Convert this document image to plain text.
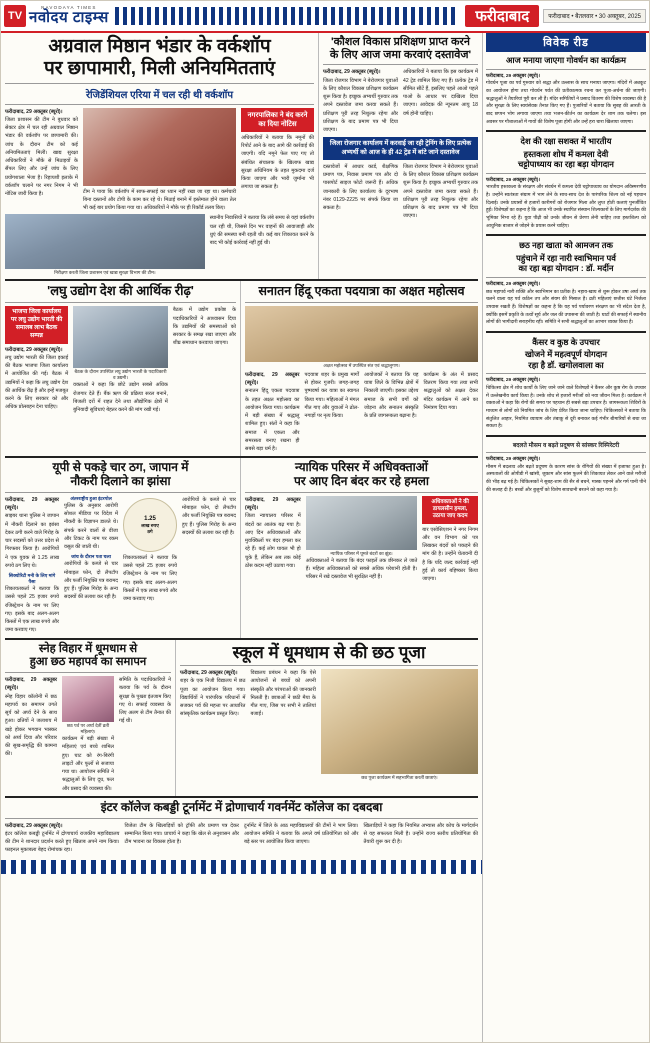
TV
NAVODAYA TIMES
नवोदय टाइम्स	फरीदाबाद	फरीदाबाद • बैतलवार • 30 अक्तूबर, 2025
अग्रवाल मिष्ठान भंडार के वर्कशॉप
पर छापामारी, मिली अनियमितताएं
रेजिडेंशियल एरिया में चल रही थी वर्कशॉप
फरीदाबाद, 29 अक्तूबर (ब्यूरो)।
जिला प्रशासन की टीम ने बुधवार को सेक्टर क्षेत्र में चल रही अग्रवाल मिष्ठान भंडार की वर्कशॉप पर छापामारी की। जांच के दौरान टीम को कई अनियमितताएं मिलीं। खाद्य सुरक्षा अधिकारियों ने मौके से मिठाइयों के सैंपल लिए और उन्हें जांच के लिए प्रयोगशाला भेजा है। रिहायशी इलाके में वर्कशॉप चलाने पर नगर निगम ने भी नोटिस जारी किया है।	टीम ने पाया कि वर्कशॉप में साफ-सफाई का ध्यान नहीं रखा जा रहा था। कर्मचारी बिना दस्तानों और टोपी के काम कर रहे थे। मिठाई बनाने में इस्तेमाल होने वाला तेल भी कई बार प्रयोग किया गया था। अधिकारियों ने मौके पर ही रिकॉर्ड तलब किए।
नगरपालिका ने बंद करने का दिया नोटिस
अधिकारियों ने बताया कि नमूनों की रिपोर्ट आने के बाद आगे की कार्रवाई की जाएगी। यदि नमूने फेल पाए गए तो संबंधित संचालक के खिलाफ खाद्य सुरक्षा अधिनियम के तहत मुकदमा दर्ज किया जाएगा और भारी जुर्माना भी लगाया जा सकता है।
निरीक्षण करती जिला प्रशासन एवं खाद्य सुरक्षा विभाग की टीम।
स्थानीय निवासियों ने बताया कि लंबे समय से यहां वर्कशॉप चल रही थी, जिससे दिन भर वाहनों की आवाजाही और धुएं की समस्या बनी रहती थी। कई बार शिकायत करने के बाद भी कोई कार्रवाई नहीं हुई थी।
'कौशल विकास प्रशिक्षण प्राप्त करने
के लिए आज जमा करवाएं दस्तावेज'
फरीदाबाद, 29 अक्तूबर (ब्यूरो)।
जिला रोजगार विभाग ने बेरोजगार युवाओं के लिए कौशल विकास प्रशिक्षण कार्यक्रम शुरू किया है। इच्छुक अभ्यर्थी गुरुवार तक अपने दस्तावेज जमा करवा सकते हैं। प्रशिक्षण पूरी तरह निशुल्क रहेगा और प्रशिक्षण के बाद प्रमाण पत्र भी दिया जाएगा।
अधिकारियों ने बताया कि इस कार्यक्रम में 42 ट्रेड शामिल किए गए हैं। प्रत्येक ट्रेड में सीमित सीटें हैं, इसलिए पहले आओ पहले पाओ के आधार पर दाखिला दिया जाएगा। आवेदक की न्यूनतम आयु 18 वर्ष होनी चाहिए।
जिला रोजगार कार्यालय में करवाई जा रही ट्रेनिंग के लिए प्रत्येक अभ्यर्थी को आज के ही 42 ट्रेड में बांटे जाने दस्तावेज
दस्तावेजों में आधार कार्ड, शैक्षणिक प्रमाण पत्र, निवास प्रमाण पत्र और दो पासपोर्ट साइज फोटो जरूरी हैं। अधिक जानकारी के लिए कार्यालय के दूरभाष नंबर 0129-2225 पर संपर्क किया जा सकता है।
जिला रोजगार विभाग ने बेरोजगार युवाओं के लिए कौशल विकास प्रशिक्षण कार्यक्रम शुरू किया है। इच्छुक अभ्यर्थी गुरुवार तक अपने दस्तावेज जमा करवा सकते हैं। प्रशिक्षण पूरी तरह निशुल्क रहेगा और प्रशिक्षण के बाद प्रमाण पत्र भी दिया जाएगा।
'लघु उद्योग देश की आर्थिक रीढ़'
भाजपा जिला कार्यालय पर लघु उद्योग भारती की समालब लाभ बैठक सम्पन्न
फरीदाबाद, 29 अक्तूबर (ब्यूरो)।
लघु उद्योग भारती की जिला इकाई की बैठक भाजपा जिला कार्यालय में आयोजित की गई। बैठक में उद्यमियों ने कहा कि लघु उद्योग देश की आर्थिक रीढ़ हैं और इन्हें मजबूत करने के लिए सरकार को और अधिक प्रोत्साहन देना चाहिए।
बैठक के दौरान उपस्थित लघु उद्योग भारती के पदाधिकारी व उद्यमी।
वक्ताओं ने कहा कि छोटे उद्योग सबसे अधिक रोजगार देते हैं। बैंक ऋण की प्रक्रिया सरल बनाने, बिजली दरों में राहत देने तथा औद्योगिक क्षेत्रों में बुनियादी सुविधाएं बेहतर करने की मांग रखी गई।
बैठक में उद्योग प्रकोष्ठ के पदाधिकारियों ने आश्वासन दिया कि उद्यमियों की समस्याओं को सरकार के समक्ष रखा जाएगा और शीघ्र समाधान करवाया जाएगा।
सनातन हिंदू एकता पदयात्रा का अक्षत महोत्सव
अक्षत महोत्सव में उपस्थित संत एवं श्रद्धालुगण।
फरीदाबाद, 29 अक्तूबर (ब्यूरो)।
सनातन हिंदू एकता पदयात्रा के तहत अक्षत महोत्सव का आयोजन किया गया। कार्यक्रम में बड़ी संख्या में श्रद्धालु शामिल हुए। संतों ने कहा कि समाज में एकता और समरसता बनाए रखना ही सबसे बड़ा धर्म है।
पदयात्रा शहर के प्रमुख मार्गों से होकर गुजरी। जगह-जगह पुष्पवर्षा कर यात्रा का स्वागत किया गया। महिलाओं ने मंगल गीत गाए और युवाओं ने ढोल-नगाड़ों पर नृत्य किया।
आयोजकों ने बताया कि यह यात्रा जिले के विभिन्न क्षेत्रों में निकाली जाएगी। इसका उद्देश्य समाज के सभी वर्गों को जोड़ना और सनातन संस्कृति के प्रति जागरूकता बढ़ाना है।
कार्यक्रम के अंत में प्रसाद वितरण किया गया तथा सभी श्रद्धालुओं को अक्षत देकर मंदिर कार्यक्रम में आने का निमंत्रण दिया गया।
यूपी से पकड़े चार ठग, जापान में
नौकरी दिलाने का झांसा
फरीदाबाद, 29 अक्तूबर (ब्यूरो)।
साइबर थाना पुलिस ने जापान में नौकरी दिलाने का झांसा देकर ठगी करने वाले गिरोह के चार सदस्यों को उत्तर प्रदेश से गिरफ्तार किया है। आरोपियों ने एक युवक से 1.25 लाख रुपये ठग लिए थे।
सिक्योरिटी मनी के लिए मांगे पैसा
शिकायतकर्ता ने बताया कि उससे पहले 25 हजार रुपये रजिस्ट्रेशन के नाम पर लिए गए। इसके बाद अलग-अलग किस्तों में एक लाख रुपये और जमा करवाए गए।
अंतरराष्ट्रीय हुआ इंटरपोल
पुलिस के अनुसार आरोपी सोशल मीडिया पर विदेश में नौकरी के विज्ञापन डालते थे। संपर्क करने वालों से वीजा और टिकट के नाम पर रकम वसूल की जाती थी।
जांच के दौरान पता चला
आरोपियों के कब्जे से चार मोबाइल फोन, दो लैपटॉप और फर्जी नियुक्ति पत्र बरामद हुए हैं। पुलिस गिरोह के अन्य सदस्यों की तलाश कर रही है।
1.25
लाख रुपए
ठगे
शिकायतकर्ता ने बताया कि उससे पहले 25 हजार रुपये रजिस्ट्रेशन के नाम पर लिए गए। इसके बाद अलग-अलग किस्तों में एक लाख रुपये और जमा करवाए गए।
आरोपियों के कब्जे से चार मोबाइल फोन, दो लैपटॉप और फर्जी नियुक्ति पत्र बरामद हुए हैं। पुलिस गिरोह के अन्य सदस्यों की तलाश कर रही है।
न्यायिक परिसर में अधिवक्ताओं
पर आए दिन बंदर कर रहे हमला
फरीदाबाद, 29 अक्तूबर (ब्यूरो)।
जिला न्यायालय परिसर में बंदरों का आतंक बढ़ गया है। आए दिन अधिवक्ताओं और मुवक्किलों पर बंदर हमला कर रहे हैं। कई लोग घायल भी हो चुके हैं, लेकिन अब तक कोई ठोस कदम नहीं उठाया गया।
न्यायिक परिसर में घूमते बंदरों का झुंड।
अधिवक्ताओं ने बताया कि बंदर फाइलें तक छीनकर ले जाते हैं। महिला अधिवक्ताओं को सबसे अधिक परेशानी होती है। परिसर में रखे दस्तावेज भी सुरक्षित नहीं हैं।
अधिवक्ताओं ने की डायलसीन हमला, उठाया जाए कदम
बार एसोसिएशन ने नगर निगम और वन विभाग को पत्र लिखकर बंदरों को पकड़ने की मांग की है। उन्होंने चेतावनी दी है कि यदि जल्द कार्रवाई नहीं हुई तो कार्य बहिष्कार किया जाएगा।
स्नेह विहार में धूमधाम से
हुआ छठ महापर्व का समापन
फरीदाबाद, 29 अक्तूबर (ब्यूरो)।
स्नेह विहार कॉलोनी में छठ महापर्व का समापन उगते सूर्य को अर्घ्य देने के साथ हुआ। व्रतियों ने जलाशय में खड़े होकर भगवान भास्कर को अर्घ्य दिया और परिवार की सुख-समृद्धि की कामना की।
छठ पर्व पर अर्घ्य देतीं व्रती महिलाएं।
कार्यक्रम में बड़ी संख्या में महिलाएं एवं बच्चे शामिल हुए। घाट को रंग-बिरंगी लाइटों और फूलों से सजाया गया था। आयोजन समिति ने श्रद्धालुओं के लिए दूध, फल और प्रसाद की व्यवस्था की।
समिति के पदाधिकारियों ने बताया कि पर्व के दौरान सुरक्षा के पुख्ता इंतजाम किए गए थे। सफाई व्यवस्था के लिए अलग से टीम तैनात की गई थी।
स्कूल में धूमधाम से की छठ पूजा
फरीदाबाद, 29 अक्तूबर (ब्यूरो)।
शहर के एक निजी विद्यालय में छठ पूजा का आयोजन किया गया। विद्यार्थियों ने पारंपरिक परिधानों में सजकर पर्व की महत्ता पर आधारित सांस्कृतिक कार्यक्रम प्रस्तुत किए।
विद्यालय प्रबंधन ने कहा कि ऐसे आयोजनों से बच्चों को अपनी संस्कृति और परंपराओं की जानकारी मिलती है। छात्राओं ने छठी मैया के गीत गाए, जिस पर सभी ने तालियां बजाईं।
छठ पूजा कार्यक्रम में सहभागिता करतीं छात्राएं।
इंटर कॉलेज कबड्डी टूर्नामेंट में द्रोणाचार्य गवर्नमेंट कॉलेज का दबदबा
फरीदाबाद, 29 अक्तूबर (ब्यूरो)।
इंटर कॉलेज कबड्डी टूर्नामेंट में द्रोणाचार्य राजकीय महाविद्यालय की टीम ने शानदार प्रदर्शन करते हुए खिताब अपने नाम किया। फाइनल मुकाबला बेहद रोमांचक रहा।
विजेता टीम के खिलाड़ियों को ट्रॉफी और प्रमाण पत्र देकर सम्मानित किया गया। प्राचार्य ने कहा कि खेल से अनुशासन और टीम भावना का विकास होता है।
टूर्नामेंट में जिले के आठ महाविद्यालयों की टीमों ने भाग लिया। आयोजन समिति ने बताया कि अगले वर्ष प्रतियोगिता को और बड़े स्तर पर आयोजित किया जाएगा।
खिलाड़ियों ने कहा कि नियमित अभ्यास और कोच के मार्गदर्शन से यह सफलता मिली है। उन्होंने राज्य स्तरीय प्रतियोगिता की तैयारी शुरू कर दी है।
विवेक रीड
आज मनाया जाएगा गोवर्धन का कार्यक्रम
फरीदाबाद, 29 अक्तूबर (ब्यूरो)।
गोवर्धन पूजा का पर्व गुरुवार को श्रद्धा और उल्लास के साथ मनाया जाएगा। मंदिरों में अन्नकूट का आयोजन होगा तथा गोवर्धन पर्वत की प्रतीकात्मक रचना कर पूजा-अर्चना की जाएगी। श्रद्धालुओं ने तैयारियां पूरी कर ली हैं। मंदिर समितियों ने प्रसाद वितरण की विशेष व्यवस्था की है और सुरक्षा के लिए स्वयंसेवक तैनात किए गए हैं। पुजारियों ने बताया कि सुबह की आरती के बाद छप्पन भोग लगाया जाएगा तथा भजन-कीर्तन का कार्यक्रम देर शाम तक चलेगा। इस अवसर पर गौशालाओं में गायों की विशेष पूजा होगी और उन्हें हरा चारा खिलाया जाएगा।
देश की रक्षा सशक्त में भारतीय
हस्तकला शोध में कमला देवी
चट्टोपाध्याय का रहा बड़ा योगदान
फरीदाबाद, 29 अक्तूबर (ब्यूरो)।
भारतीय हस्तकला के संरक्षण और संवर्धन में कमला देवी चट्टोपाध्याय का योगदान अविस्मरणीय है। उन्होंने स्वतंत्रता संग्राम में भाग लेने के साथ-साथ देश के पारंपरिक शिल्प को नई पहचान दिलाई। उनके प्रयासों से हजारों कारीगरों को रोजगार मिला और लुप्त होती कलाएं पुनर्जीवित हुईं। विशेषज्ञों का कहना है कि आज भी उनके स्थापित संस्थान शिल्पकारों के लिए मार्गदर्शक की भूमिका निभा रहे हैं। युवा पीढ़ी को उनके जीवन से प्रेरणा लेनी चाहिए तथा हस्तशिल्प को आधुनिक बाजार से जोड़ने के प्रयास करने चाहिए।
छठ नहा खाता को आमजन तक
पहुंचाने में रहा नारी स्वाभिमान पर्व
का रहा बड़ा योगदान : डॉ. मर्दीन
फरीदाबाद, 29 अक्तूबर (ब्यूरो)।
छठ महापर्व नारी शक्ति और स्वाभिमान का प्रतीक है। नहाय-खाय से शुरू होकर उषा अर्घ्य तक चलने वाला यह पर्व कठिन तप और संयम की मिसाल है। व्रती महिलाएं छत्तीस घंटे निर्जला उपवास रखती हैं। विशेषज्ञों का कहना है कि यह पर्व पर्यावरण संरक्षण का भी संदेश देता है, क्योंकि इसमें प्रकृति के तत्वों सूर्य और जल की उपासना की जाती है। घाटों की सफाई में स्थानीय लोगों की भागीदारी सराहनीय रही। समिति ने सभी श्रद्धालुओं का आभार व्यक्त किया है।
कैंसर व कुष्ठ के उपचार
खोजने में महत्वपूर्ण योगदान
रहा है डॉ. खगोलवाला का
फरीदाबाद, 29 अक्तूबर (ब्यूरो)।
चिकित्सा क्षेत्र में शोध कार्यों के लिए जाने जाने वाले विशेषज्ञों ने कैंसर और कुष्ठ रोग के उपचार में उल्लेखनीय कार्य किया है। उनके शोध से हजारों मरीजों को नया जीवन मिला है। कार्यक्रम में वक्ताओं ने कहा कि रोगों की समय पर पहचान ही सबसे बड़ा उपचार है। जागरूकता शिविरों के माध्यम से लोगों को नियमित जांच के लिए प्रेरित किया जाना चाहिए। चिकित्सकों ने बताया कि संतुलित आहार, नियमित व्यायाम और तंबाकू से दूरी बनाकर कई गंभीर बीमारियों से बचा जा सकता है।
बदलते मौसम व बढ़ते प्रदूषण से सांस्कर रिस्पिरेटरी
फरीदाबाद, 29 अक्तूबर (ब्यूरो)।
मौसम में बदलाव और बढ़ते प्रदूषण के कारण सांस के रोगियों की संख्या में इजाफा हुआ है। अस्पतालों की ओपीडी में खांसी, जुकाम और सांस फूलने की शिकायत लेकर आने वाले मरीजों की भीड़ बढ़ गई है। चिकित्सकों ने सुबह-शाम की सैर से बचने, मास्क पहनने और गर्म पानी पीने की सलाह दी है। बच्चों और बुजुर्गों को विशेष सावधानी बरतने को कहा गया है।
